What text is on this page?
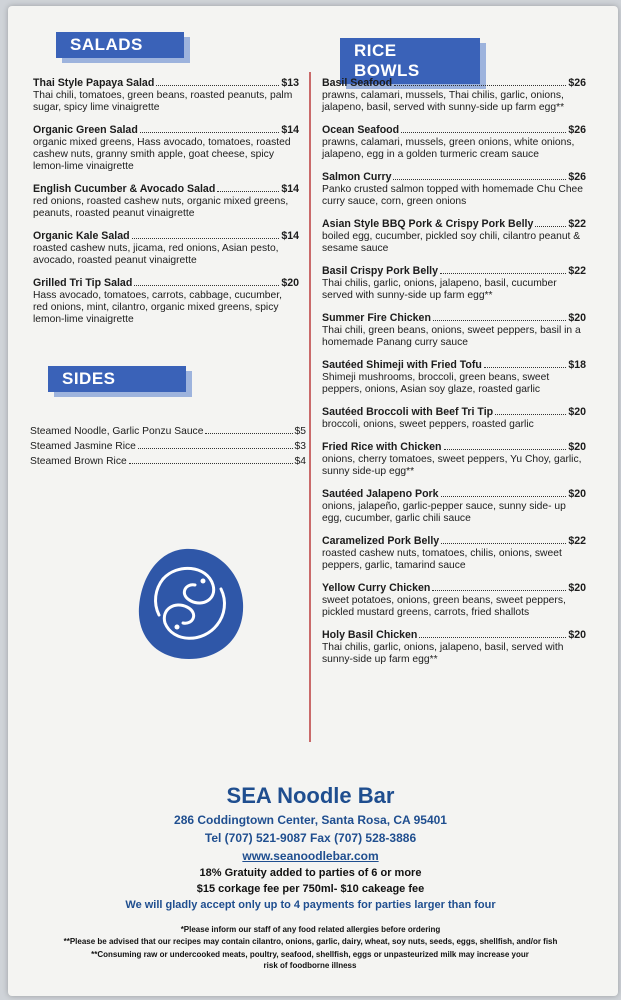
SALADS
Thai Style Papaya Salad	$13
Thai chili, tomatoes, green beans, roasted peanuts, palm sugar, spicy lime vinaigrette
Organic Green Salad	$14
organic mixed greens, Hass avocado, tomatoes, roasted cashew nuts, granny smith apple, goat cheese, spicy lemon-lime vinaigrette
English Cucumber & Avocado Salad	$14
red onions, roasted cashew nuts, organic mixed greens, peanuts, roasted peanut vinaigrette
Organic Kale Salad	$14
roasted cashew nuts, jicama, red onions, Asian pesto, avocado, roasted peanut vinaigrette
Grilled Tri Tip Salad	$20
Hass avocado, tomatoes, carrots, cabbage, cucumber, red onions, mint, cilantro, organic mixed greens, spicy lemon-lime vinaigrette
SIDES
Steamed Noodle, Garlic Ponzu Sauce	$5
Steamed Jasmine Rice	$3
Steamed Brown Rice	$4
RICE BOWLS
Basil Seafood	$26
prawns, calamari, mussels, Thai chilis, garlic, onions, jalapeno, basil, served with sunny-side up farm egg**
Ocean Seafood	$26
prawns, calamari, mussels, green onions, white onions, jalapeno, egg in a golden turmeric cream sauce
Salmon Curry	$26
Panko crusted salmon topped with homemade Chu Chee curry sauce, corn, green onions
Asian Style BBQ Pork & Crispy Pork Belly	$22
boiled egg, cucumber, pickled soy chili, cilantro peanut & sesame sauce
Basil Crispy Pork Belly	$22
Thai chilis, garlic, onions, jalapeno, basil, cucumber served with sunny-side up farm egg**
Summer Fire Chicken	$20
Thai chili, green beans, onions, sweet peppers, basil in a homemade Panang curry sauce
Sautéed Shimeji with Fried Tofu	$18
Shimeji mushrooms, broccoli, green beans, sweet peppers, onions, Asian soy glaze, roasted garlic
Sautéed Broccoli with Beef Tri Tip	$20
broccoli, onions, sweet peppers, roasted garlic
Fried Rice with Chicken	$20
onions, cherry tomatoes, sweet peppers, Yu Choy, garlic, sunny side-up egg**
Sautéed Jalapeno Pork	$20
onions, jalapeño, garlic-pepper sauce, sunny side- up egg, cucumber, garlic chili sauce
Caramelized Pork Belly	$22
roasted cashew nuts, tomatoes, chilis, onions, sweet peppers, garlic, tamarind sauce
Yellow Curry Chicken	$20
sweet potatoes, onions, green beans, sweet peppers, pickled mustard greens, carrots, fried shallots
Holy Basil Chicken	$20
Thai chilis, garlic, onions, jalapeno, basil, served with sunny-side up farm egg**
SEA Noodle Bar
286 Coddingtown Center, Santa Rosa, CA 95401
Tel (707) 521-9087 Fax (707) 528-3886
www.seanoodlebar.com
18% Gratuity added to parties of 6 or more
$15 corkage fee per 750ml- $10 cakeage fee
We will gladly accept only up to 4 payments for parties larger than four
*Please inform our staff of any food related allergies before ordering
**Please be advised that our recipes may contain cilantro, onions, garlic, dairy, wheat, soy nuts, seeds, eggs, shellfish, and/or fish
**Consuming raw or undercooked meats, poultry, seafood, shellfish, eggs or unpasteurized milk may increase your risk of foodborne illness
